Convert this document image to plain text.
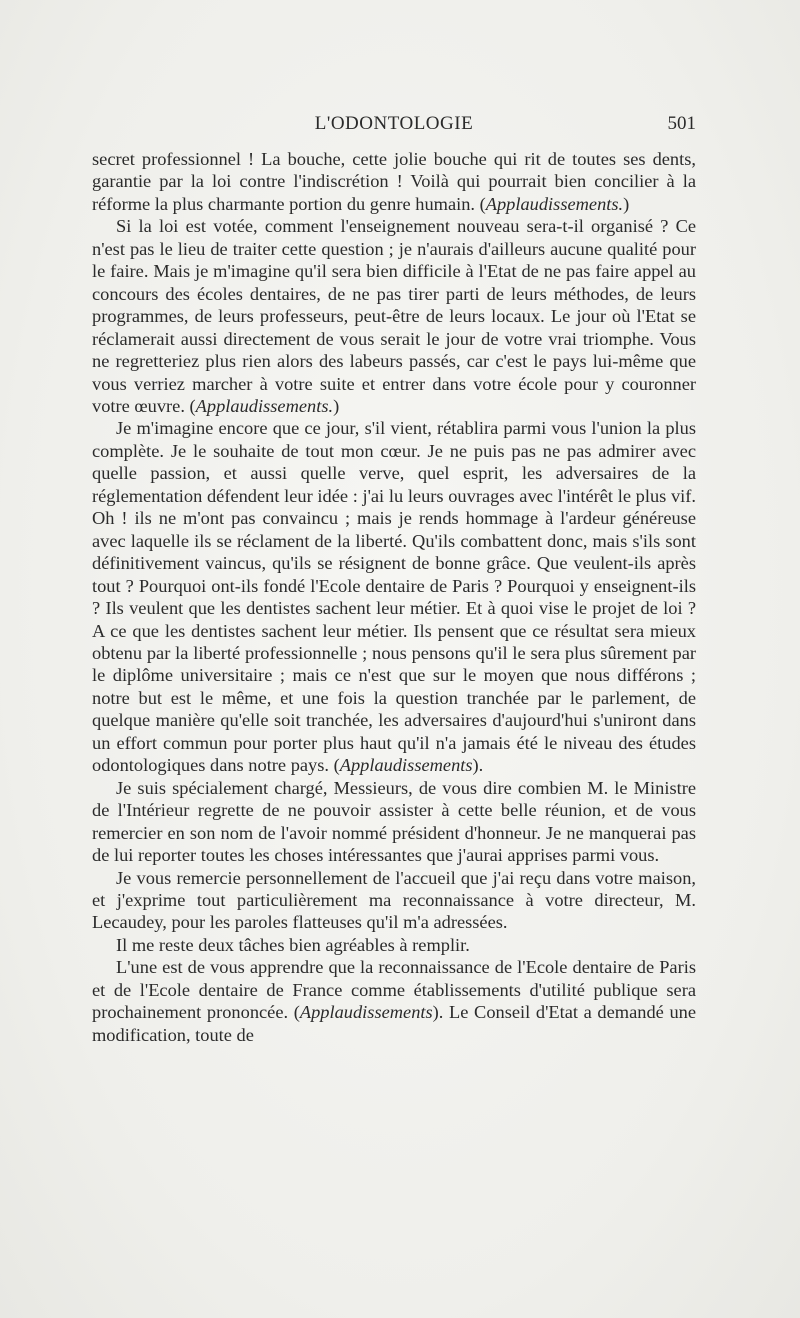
L'ODONTOLOGIE	501

secret professionnel ! La bouche, cette jolie bouche qui rit de toutes ses dents, garantie par la loi contre l'indiscrétion ! Voilà qui pourrait bien concilier à la réforme la plus charmante portion du genre humain. (Applaudissements.)

Si la loi est votée, comment l'enseignement nouveau sera-t-il organisé ? Ce n'est pas le lieu de traiter cette question ; je n'aurais d'ailleurs aucune qualité pour le faire. Mais je m'imagine qu'il sera bien difficile à l'Etat de ne pas faire appel au concours des écoles dentaires, de ne pas tirer parti de leurs méthodes, de leurs programmes, de leurs professeurs, peut-être de leurs locaux. Le jour où l'Etat se réclamerait aussi directement de vous serait le jour de votre vrai triomphe. Vous ne regretteriez plus rien alors des labeurs passés, car c'est le pays lui-même que vous verriez marcher à votre suite et entrer dans votre école pour y couronner votre œuvre. (Applaudissements.)

Je m'imagine encore que ce jour, s'il vient, rétablira parmi vous l'union la plus complète. Je le souhaite de tout mon cœur. Je ne puis pas ne pas admirer avec quelle passion, et aussi quelle verve, quel esprit, les adversaires de la réglementation défendent leur idée : j'ai lu leurs ouvrages avec l'intérêt le plus vif. Oh ! ils ne m'ont pas convaincu ; mais je rends hommage à l'ardeur généreuse avec laquelle ils se réclament de la liberté. Qu'ils combattent donc, mais s'ils sont définitivement vaincus, qu'ils se résignent de bonne grâce. Que veulent-ils après tout ? Pourquoi ont-ils fondé l'Ecole dentaire de Paris ? Pourquoi y enseignent-ils ? Ils veulent que les dentistes sachent leur métier. Et à quoi vise le projet de loi ? A ce que les dentistes sachent leur métier. Ils pensent que ce résultat sera mieux obtenu par la liberté professionnelle ; nous pensons qu'il le sera plus sûrement par le diplôme universitaire ; mais ce n'est que sur le moyen que nous différons ; notre but est le même, et une fois la question tranchée par le parlement, de quelque manière qu'elle soit tranchée, les adversaires d'aujourd'hui s'uniront dans un effort commun pour porter plus haut qu'il n'a jamais été le niveau des études odontologiques dans notre pays. (Applaudissements).

Je suis spécialement chargé, Messieurs, de vous dire combien M. le Ministre de l'Intérieur regrette de ne pouvoir assister à cette belle réunion, et de vous remercier en son nom de l'avoir nommé président d'honneur. Je ne manquerai pas de lui reporter toutes les choses intéressantes que j'aurai apprises parmi vous.

Je vous remercie personnellement de l'accueil que j'ai reçu dans votre maison, et j'exprime tout particulièrement ma reconnaissance à votre directeur, M. Lecaudey, pour les paroles flatteuses qu'il m'a adressées.

Il me reste deux tâches bien agréables à remplir.

L'une est de vous apprendre que la reconnaissance de l'Ecole dentaire de Paris et de l'Ecole dentaire de France comme établissements d'utilité publique sera prochainement prononcée. (Applaudissements). Le Conseil d'Etat a demandé une modification, toute de
